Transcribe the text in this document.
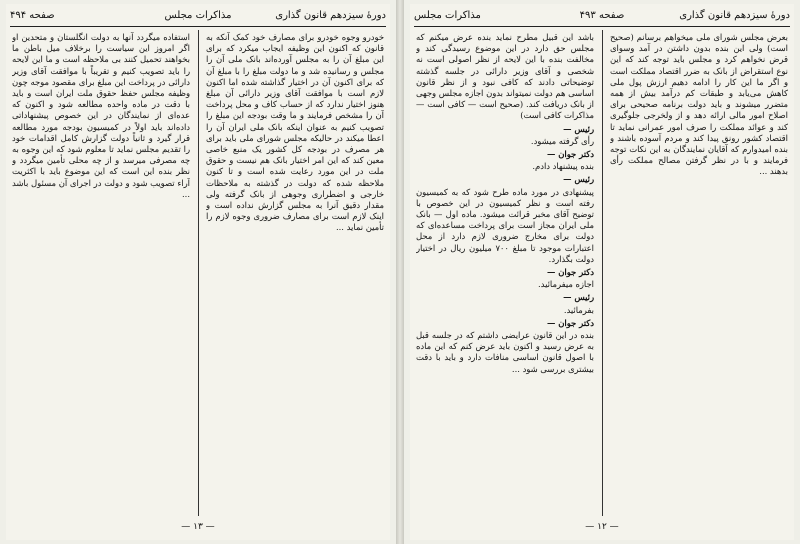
دورهٔ سیزدهم قانون گذاری
مذاکرات مجلس
صفحه ۴۹۴

خودرو وجوه خودرو برای مصارف خود کمک آنکه به قانون که اکنون این وظیفه ایجاب میکرد که برای این مبلغ آن را به مجلس آورده‌اند بانک ملی آن را مجلس و رسانیده شد و ما دولت مبلغ را با مبلغ آن که برای اکنون آن در اختیار گذاشته شده اما اکنون لازم است با موافقت آقای وزیر دارائی آن مبلغ هنوز اختیار ندارد که از حساب کاف و محل پرداخت آن را مشخص فرمایند و ما وقت بودجه این مبلغ را تصویب کنیم به عنوان اینکه بانک ملی ایران آن را اعطا میکند در حالیکه مجلس شورای ملی باید برای هر مصرف در بودجه کل کشور یک منبع خاصی معین کند که این امر اختیار بانک هم نیست و حقوق ملت در این مورد رعایت شده است و تا کنون ملاحظه شده که دولت در گذشته به ملاحظات خارجی و اضطراری وجوهی از بانک گرفته ولی مقدار دقیق آنرا به مجلس گزارش نداده است و اینک لازم است برای مصارف ضروری وجوه لازم را تأمین نماید ...

استفاده میگردد آنها به دولت انگلستان و متحدین او اگر امروز این سیاست را برخلاف میل باطن ما بخواهند تحمیل کنند بی ملاحظه است و ما این لایحه را باید تصویب کنیم و تقریباً با موافقت آقای وزیر دارائی در پرداخت این مبلغ برای مقصود موجه چون وظیفه مجلس حفظ حقوق ملت ایران است و باید با دقت در ماده واحده مطالعه شود و اکنون که عده‌ای از نمایندگان در این خصوص پیشنهاداتی داده‌اند باید اولاً در کمیسیون بودجه مورد مطالعه قرار گیرد و ثانیاً دولت گزارش کامل اقدامات خود را تقدیم مجلس نماید تا معلوم شود که این وجوه به چه مصرفی میرسد و از چه محلی تأمین میگردد و نظر بنده این است که این موضوع باید با اکثریت آراء تصویب شود و دولت در اجرای آن مسئول باشد ...

— ۱۳ —
دورهٔ سیزدهم قانون گذاری
صفحه ۴۹۳
مذاکرات مجلس

بعرض مجلس شورای ملی میخواهم برسانم (صحیح است) ولی این بنده بدون داشتن در آمد وسوای قرض نخواهم کرد و مجلس باید توجه کند که این نوع استقراض از بانک به ضرر اقتصاد مملکت است و اگر ما این کار را ادامه دهیم ارزش پول ملی کاهش می‌یابد و طبقات کم درآمد بیش از همه متضرر میشوند و باید دولت برنامه صحیحی برای اصلاح امور مالی ارائه دهد و از ولخرجی جلوگیری کند و عوائد مملکت را صرف امور عمرانی نماید تا اقتصاد کشور رونق پیدا کند و مردم آسوده باشند و بنده امیدوارم که آقایان نمایندگان به این نکات توجه فرمایند و با در نظر گرفتن مصالح مملکت رأی بدهند ...

باشد این قبیل مطرح نماید بنده عرض میکنم که مجلس حق دارد در این موضوع رسیدگی کند و مخالفت بنده با این لایحه از نظر اصولی است نه شخصی و آقای وزیر دارائی در جلسه گذشته توضیحاتی دادند که کافی نبود و از نظر قانون اساسی هم دولت نمیتواند بدون اجازه مجلس وجهی از بانک دریافت کند. (صحیح است — کافی است — مذاکرات کافی است)

رئیس —
رأی گرفته میشود.

دکتر جوان —
بنده پیشنهاد دادم.

رئیس —
پیشنهادی در مورد ماده طرح شود که به کمیسیون رفته است و نظر کمیسیون در این خصوص با توضیح آقای مخبر قرائت میشود. ماده اول — بانک ملی ایران مجاز است برای پرداخت مساعده‌ای که دولت برای مخارج ضروری لازم دارد از محل اعتبارات موجود تا مبلغ ۷۰۰ میلیون ریال در اختیار دولت بگذارد.

دکتر جوان —
اجازه میفرمائید.

رئیس —
بفرمائید.

دکتر جوان —
بنده در این قانون عرایضی داشتم که در جلسه قبل به عرض رسید و اکنون باید عرض کنم که این ماده با اصول قانون اساسی منافات دارد و باید با دقت بیشتری بررسی شود ...

— ۱۲ —
